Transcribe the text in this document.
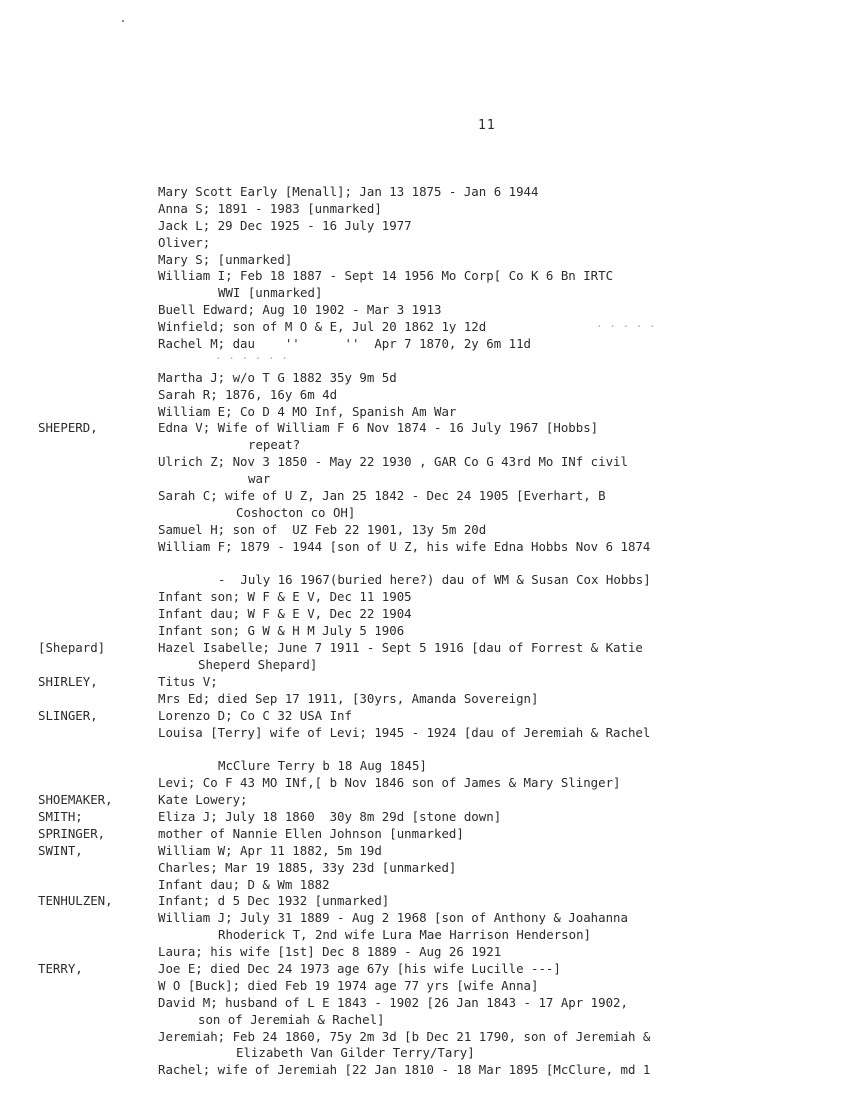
11
Mary Scott Early [Menall]; Jan 13 1875 - Jan 6 1944
Anna S; 1891 - 1983 [unmarked]
Jack L; 29 Dec 1925 - 16 July 1977
Oliver;
Mary S; [unmarked]
William I; Feb 18 1887 - Sept 14 1956 Mo Corp[ Co K 6 Bn IRTC
WWI [unmarked]
Buell Edward; Aug 10 1902 - Mar 3 1913
Winfield; son of M O & E, Jul 20 1862 1y 12d
Rachel M; dau    ''      ''  Apr 7 1870, 2y 6m 11d
Martha J; w/o T G 1882 35y 9m 5d
Sarah R; 1876, 16y 6m 4d
William E; Co D 4 MO Inf, Spanish Am War
SHEPERD,	Edna V; Wife of William F 6 Nov 1874 - 16 July 1967 [Hobbs]
repeat?
Ulrich Z; Nov 3 1850 - May 22 1930 , GAR Co G 43rd Mo INf civil
war
Sarah C; wife of U Z, Jan 25 1842 - Dec 24 1905 [Everhart, B
Coshocton co OH]
Samuel H; son of  UZ Feb 22 1901, 13y 5m 20d
William F; 1879 - 1944 [son of U Z, his wife Edna Hobbs Nov 6 1874
-  July 16 1967(buried here?) dau of WM & Susan Cox Hobbs]
Infant son; W F & E V, Dec 11 1905
Infant dau; W F & E V, Dec 22 1904
Infant son; G W & H M July 5 1906
[Shepard]	Hazel Isabelle; June 7 1911 - Sept 5 1916 [dau of Forrest & Katie
Sheperd Shepard]
SHIRLEY,	Titus V;
Mrs Ed; died Sep 17 1911, [30yrs, Amanda Sovereign]
SLINGER,	Lorenzo D; Co C 32 USA Inf
Louisa [Terry] wife of Levi; 1945 - 1924 [dau of Jeremiah & Rachel
McClure Terry b 18 Aug 1845]
Levi; Co F 43 MO INf,[ b Nov 1846 son of James & Mary Slinger]
SHOEMAKER,	Kate Lowery;
SMITH;	Eliza J; July 18 1860  30y 8m 29d [stone down]
SPRINGER,	mother of Nannie Ellen Johnson [unmarked]
SWINT,	William W; Apr 11 1882, 5m 19d
Charles; Mar 19 1885, 33y 23d [unmarked]
Infant dau; D & Wm 1882
TENHULZEN,	Infant; d 5 Dec 1932 [unmarked]
William J; July 31 1889 - Aug 2 1968 [son of Anthony & Joahanna
Rhoderick T, 2nd wife Lura Mae Harrison Henderson]
Laura; his wife [1st] Dec 8 1889 - Aug 26 1921
TERRY,	Joe E; died Dec 24 1973 age 67y [his wife Lucille ---]
W O [Buck]; died Feb 19 1974 age 77 yrs [wife Anna]
David M; husband of L E 1843 - 1902 [26 Jan 1843 - 17 Apr 1902,
son of Jeremiah & Rachel]
Jeremiah; Feb 24 1860, 75y 2m 3d [b Dec 21 1790, son of Jeremiah &
Elizabeth Van Gilder Terry/Tary]
Rachel; wife of Jeremiah [22 Jan 1810 - 18 Mar 1895 [McClure, md 1
· · · · ·
· · · · · ·
